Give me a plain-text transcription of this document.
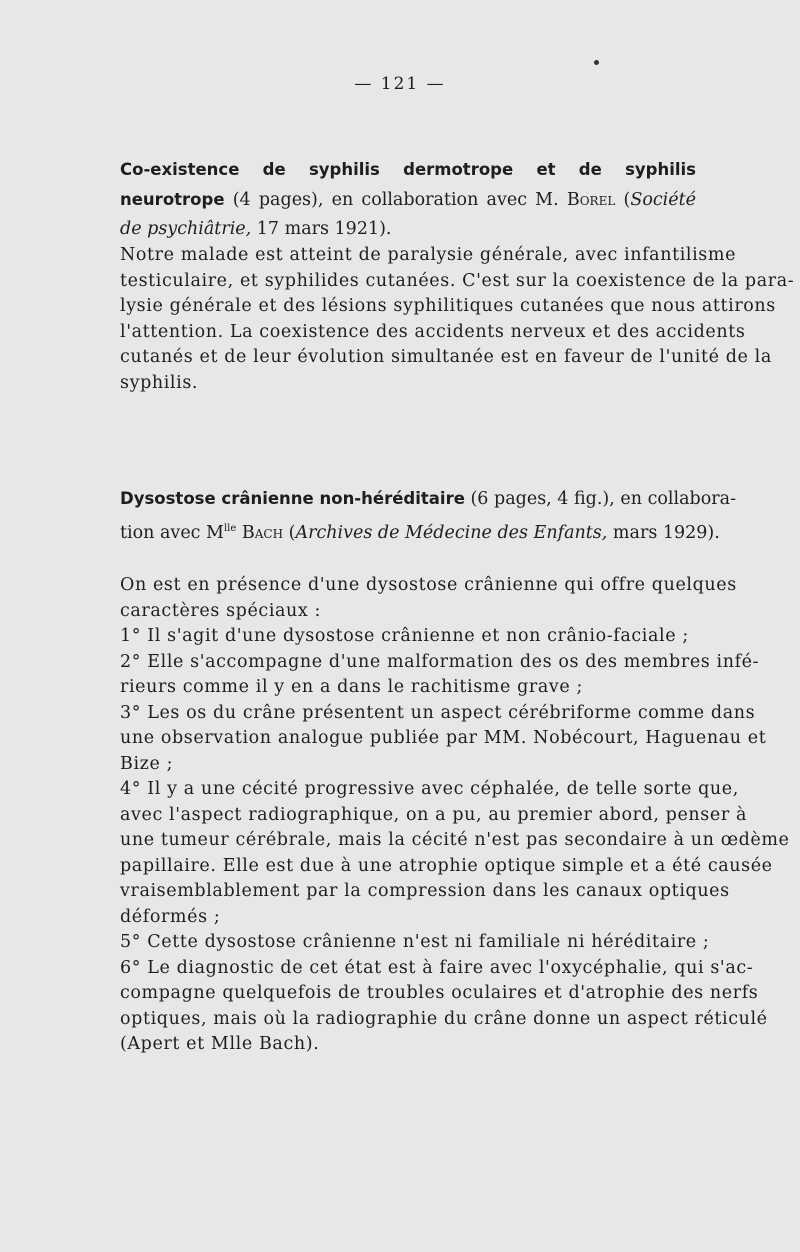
— 121 —

Co-existence de syphilis dermotrope et de syphilis neurotrope (4 pages), en collaboration avec M. Borel (Société de psychiâtrie, 17 mars 1921).

Notre malade est atteint de paralysie générale, avec infantilisme
testiculaire, et syphilides cutanées. C'est sur la coexistence de la para-
lysie générale et des lésions syphilitiques cutanées que nous attirons
l'attention. La coexistence des accidents nerveux et des accidents
cutanés et de leur évolution simultanée est en faveur de l'unité de la
syphilis.

Dysostose crânienne non-héréditaire (6 pages, 4 fig.), en collabora-
tion avec $M^{lle}$ Bach (Archives de Médecine des Enfants, mars 1929).

On est en présence d'une dysostose crânienne qui offre quelques
caractères spéciaux :
1° Il s'agit d'une dysostose crânienne et non crânio-faciale ;
2° Elle s'accompagne d'une malformation des os des membres infé-
rieurs comme il y en a dans le rachitisme grave ;
3° Les os du crâne présentent un aspect cérébriforme comme dans
une observation analogue publiée par MM. Nobécourt, Haguenau et
Bize ;
4° Il y a une cécité progressive avec céphalée, de telle sorte que,
avec l'aspect radiographique, on a pu, au premier abord, penser à
une tumeur cérébrale, mais la cécité n'est pas secondaire à un œdème
papillaire. Elle est due à une atrophie optique simple et a été causée
vraisemblablement par la compression dans les canaux optiques
déformés ;
5° Cette dysostose crânienne n'est ni familiale ni héréditaire ;
6° Le diagnostic de cet état est à faire avec l'oxycéphalie, qui s'ac-
compagne quelquefois de troubles oculaires et d'atrophie des nerfs
optiques, mais où la radiographie du crâne donne un aspect réticulé
(Apert et Mlle Bach).
